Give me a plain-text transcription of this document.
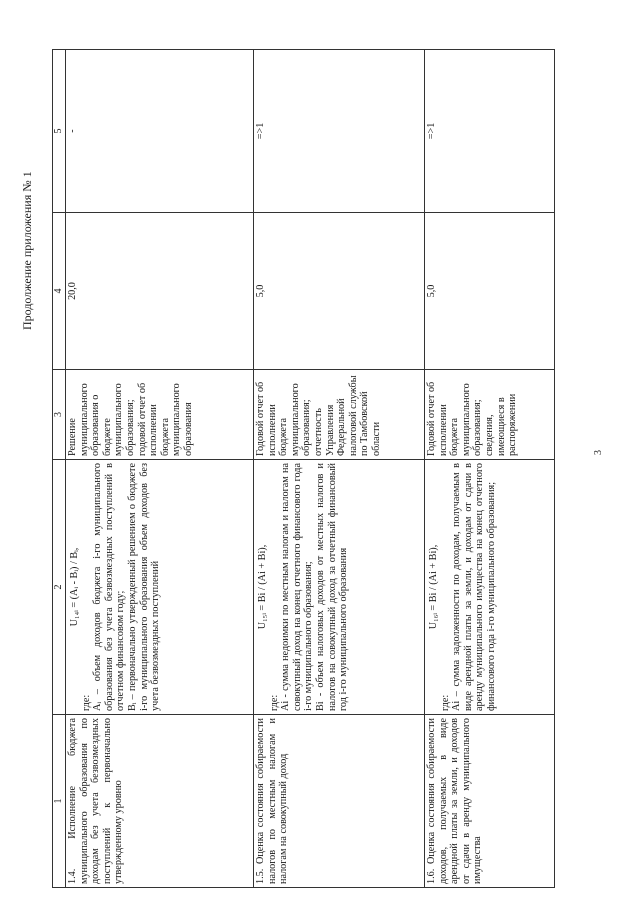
3
Продолжение приложения № 1
1	2	3	4	5
1.4. Исполнение бюджета муниципального образования по доходам без учета безвозмездных поступлений к первоначально утвержденному уровню	U₁₄ᵢ = (Aᵢ - Bᵢ) / Bᵢ,
где: Aᵢ – объем доходов бюджета i-го муниципального образования без учета безвозмездных поступлений в отчетном финансовом году; Bᵢ – первоначально утвержденный решением о бюджете i-го муниципального образования объем доходов без учета безвозмездных поступлений	Решение муниципального образования о бюджете муниципального образования; годовой отчет об исполнении бюджета муниципального образования	20,0	-
1.5. Оценка состояния собираемости налогов по местным налогам и налогам на совокупный доход	U₁₅ᵢ = Bi / (Ai + Bi),
где: Ai - сумма недоимки по местным налогам и налогам на совокупный доход на конец отчетного финансового года i-го муниципального образования; Bi - объем налоговых доходов от местных налогов и налогов на совокупный доход за отчетный финансовый год i-го муниципального образования	Годовой отчет об исполнении бюджета муниципального образования; отчетность Управления Федеральной налоговой службы по Тамбовской области	5,0	=>1
1.6. Оценка состояния собираемости доходов, получаемых в виде арендной платы за земли, и доходов от сдачи в аренду муниципального имущества	U₁₆ᵢ = Bi / (Ai + Bi),
где: Ai – сумма задолженности по доходам, получаемым в виде арендной платы за земли, и доходам от сдачи в аренду муниципального имущества на конец отчетного финансового года i-го муниципального образования;	Годовой отчет об исполнении бюджета муниципального образования; сведения, имеющиеся в распоряжении	5,0	=>1
